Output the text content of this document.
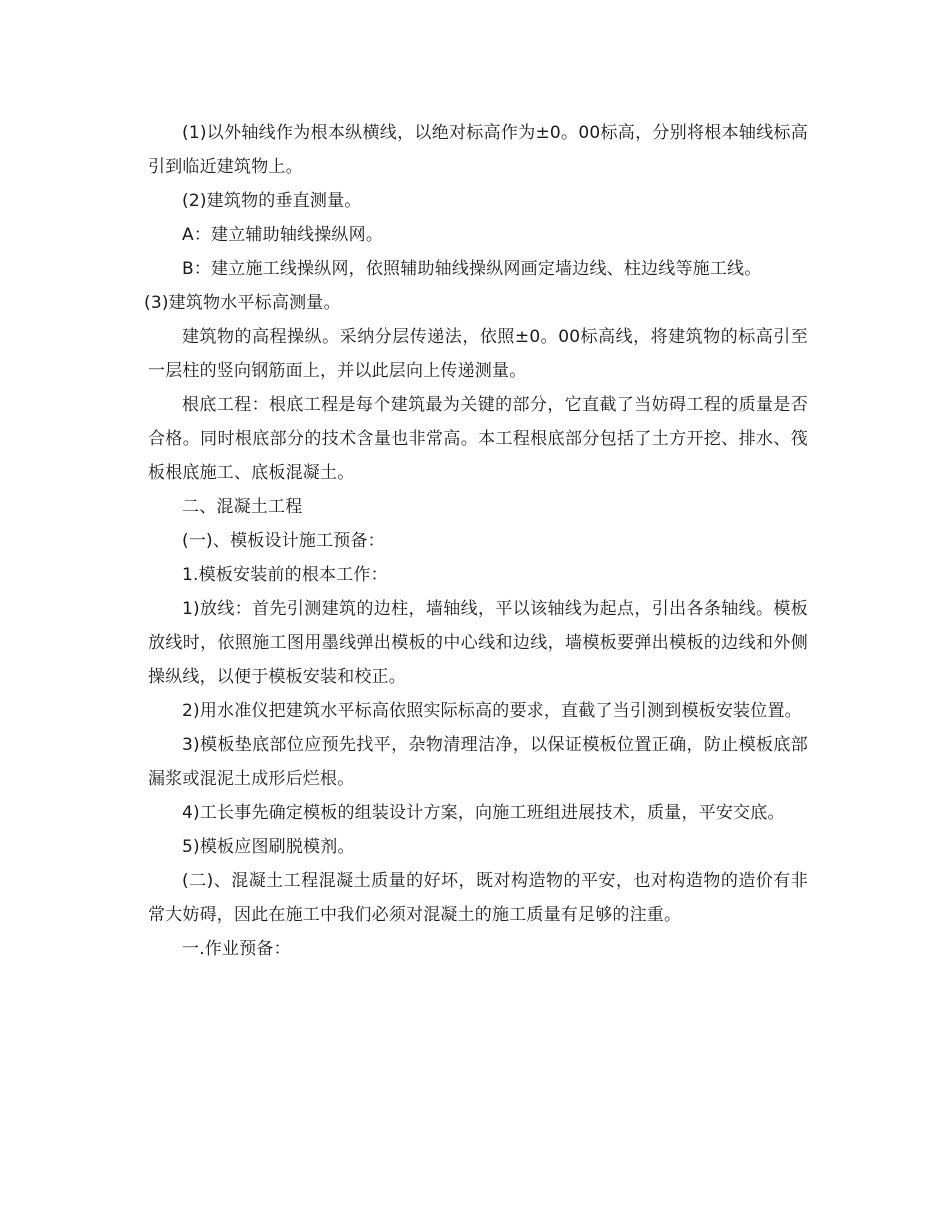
(1)以外轴线作为根本纵横线，以绝对标高作为±0。00标高，分别将根本轴线标高引到临近建筑物上。

(2)建筑物的垂直测量。

A：建立辅助轴线操纵网。

B：建立施工线操纵网，依照辅助轴线操纵网画定墙边线、柱边线等施工线。

(3)建筑物水平标高测量。

建筑物的高程操纵。采纳分层传递法，依照±0。00标高线，将建筑物的标高引至一层柱的竖向钢筋面上，并以此层向上传递测量。

根底工程：根底工程是每个建筑最为关键的部分，它直截了当妨碍工程的质量是否合格。同时根底部分的技术含量也非常高。本工程根底部分包括了土方开挖、排水、筏板根底施工、底板混凝土。

二、混凝土工程

(一)、模板设计施工预备：

1.模板安装前的根本工作：

1)放线：首先引测建筑的边柱，墙轴线，平以该轴线为起点，引出各条轴线。模板放线时，依照施工图用墨线弹出模板的中心线和边线，墙模板要弹出模板的边线和外侧操纵线，以便于模板安装和校正。

2)用水准仪把建筑水平标高依照实际标高的要求，直截了当引测到模板安装位置。

3)模板垫底部位应预先找平，杂物清理洁净，以保证模板位置正确，防止模板底部漏浆或混泥土成形后烂根。

4)工长事先确定模板的组装设计方案，向施工班组进展技术，质量，平安交底。

5)模板应图刷脱模剂。

(二)、混凝土工程混凝土质量的好坏，既对构造物的平安，也对构造物的造价有非常大妨碍，因此在施工中我们必须对混凝土的施工质量有足够的注重。

一.作业预备：
